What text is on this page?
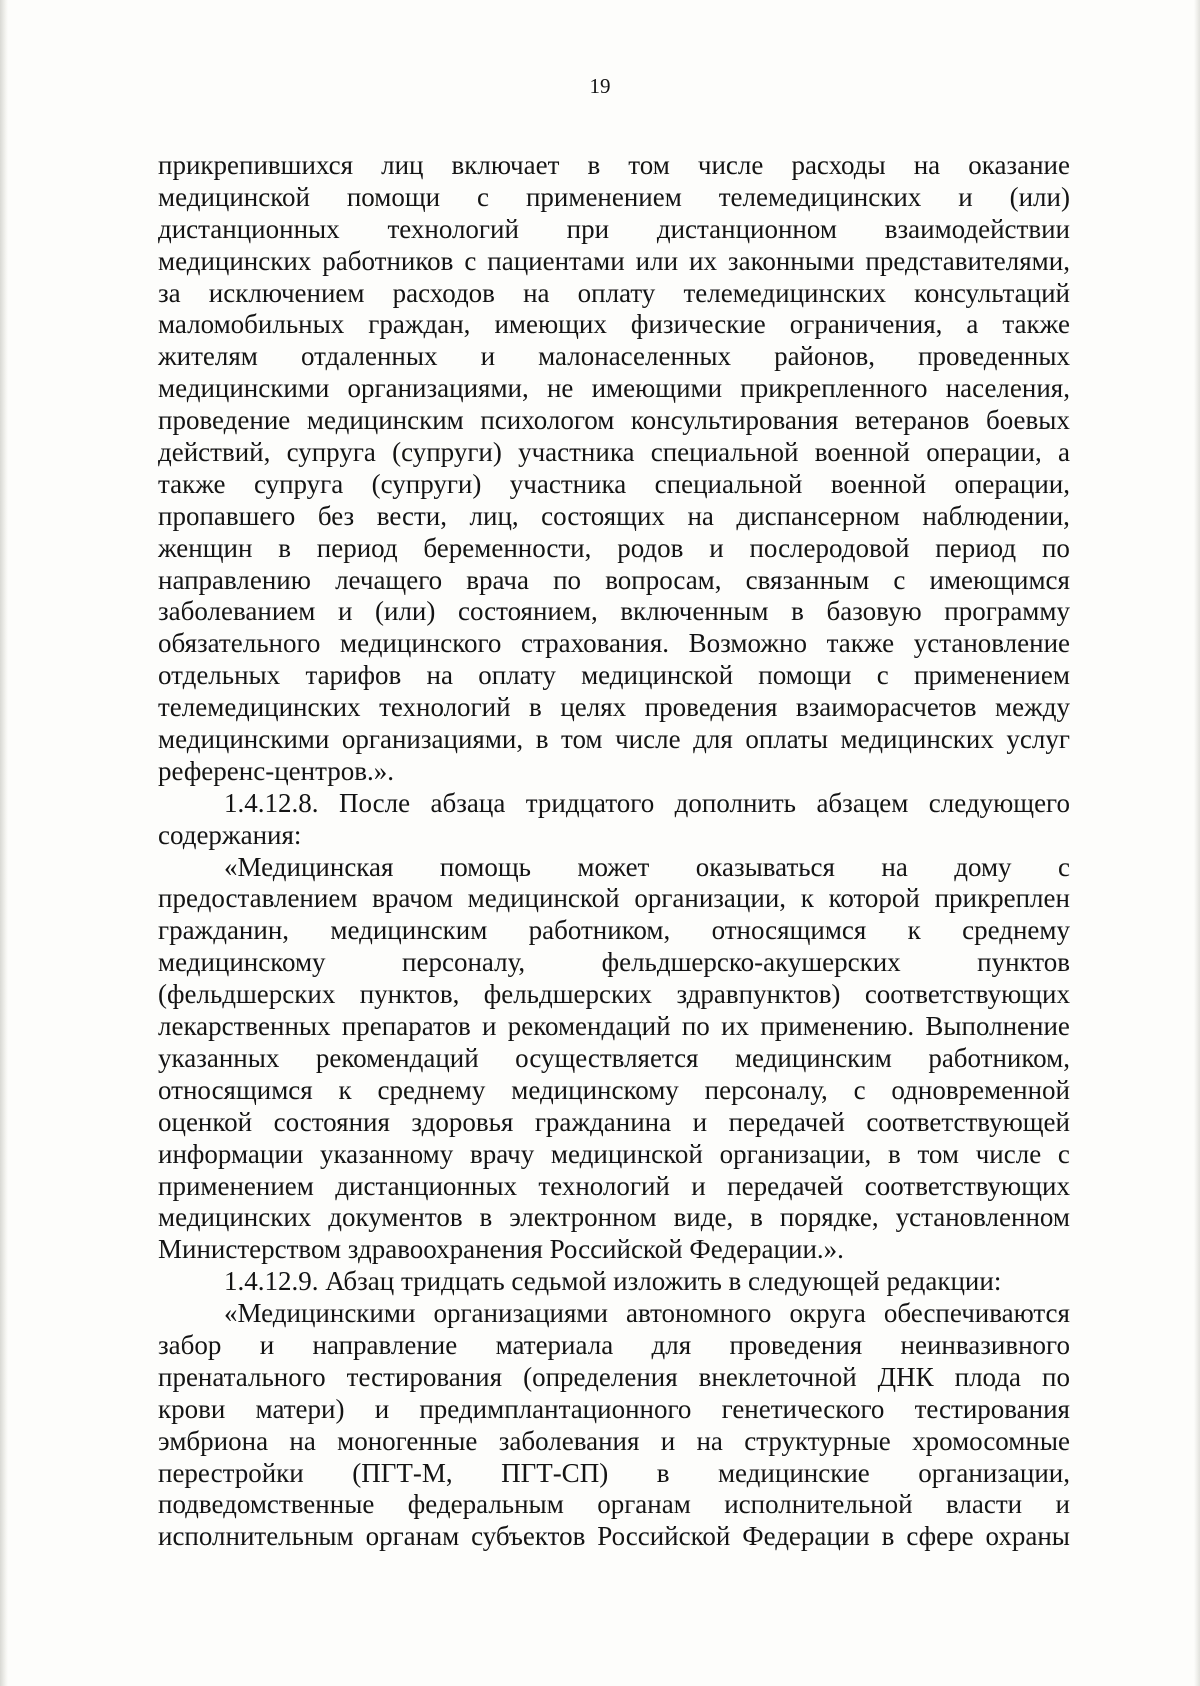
19
прикрепившихся лиц включает в том числе расходы на оказание
медицинской помощи с применением телемедицинских и (или)
дистанционных технологий при дистанционном взаимодействии
медицинских работников с пациентами или их законными представителями,
за исключением расходов на оплату телемедицинских консультаций
маломобильных граждан, имеющих физические ограничения, а также
жителям отдаленных и малонаселенных районов, проведенных
медицинскими организациями, не имеющими прикрепленного населения,
проведение медицинским психологом консультирования ветеранов боевых
действий, супруга (супруги) участника специальной военной операции, а
также супруга (супруги) участника специальной военной операции,
пропавшего без вести, лиц, состоящих на диспансерном наблюдении,
женщин в период беременности, родов и послеродовой период по
направлению лечащего врача по вопросам, связанным с имеющимся
заболеванием и (или) состоянием, включенным в базовую программу
обязательного медицинского страхования. Возможно также установление
отдельных тарифов на оплату медицинской помощи с применением
телемедицинских технологий в целях проведения взаиморасчетов между
медицинскими организациями, в том числе для оплаты медицинских услуг
референс-центров.».
1.4.12.8. После абзаца тридцатого дополнить абзацем следующего
содержания:
«Медицинская помощь может оказываться на дому с
предоставлением врачом медицинской организации, к которой прикреплен
гражданин, медицинским работником, относящимся к среднему
медицинскому	персоналу,	фельдшерско-акушерских	пунктов
(фельдшерских пунктов, фельдшерских здравпунктов) соответствующих
лекарственных препаратов и рекомендаций по их применению. Выполнение
указанных рекомендаций осуществляется медицинским работником,
относящимся к среднему медицинскому персоналу, с одновременной
оценкой состояния здоровья гражданина и передачей соответствующей
информации указанному врачу медицинской организации, в том числе с
применением дистанционных технологий и передачей соответствующих
медицинских документов в электронном виде, в порядке, установленном
Министерством здравоохранения Российской Федерации.».
1.4.12.9. Абзац тридцать седьмой изложить в следующей редакции:
«Медицинскими организациями автономного округа обеспечиваются
забор и направление материала для проведения неинвазивного
пренатального тестирования (определения внеклеточной ДНК плода по
крови матери) и предимплантационного генетического тестирования
эмбриона на моногенные заболевания и на структурные хромосомные
перестройки (ПГТ-М, ПГТ-СП) в медицинские организации,
подведомственные федеральным органам исполнительной власти и
исполнительным органам субъектов Российской Федерации в сфере охраны
